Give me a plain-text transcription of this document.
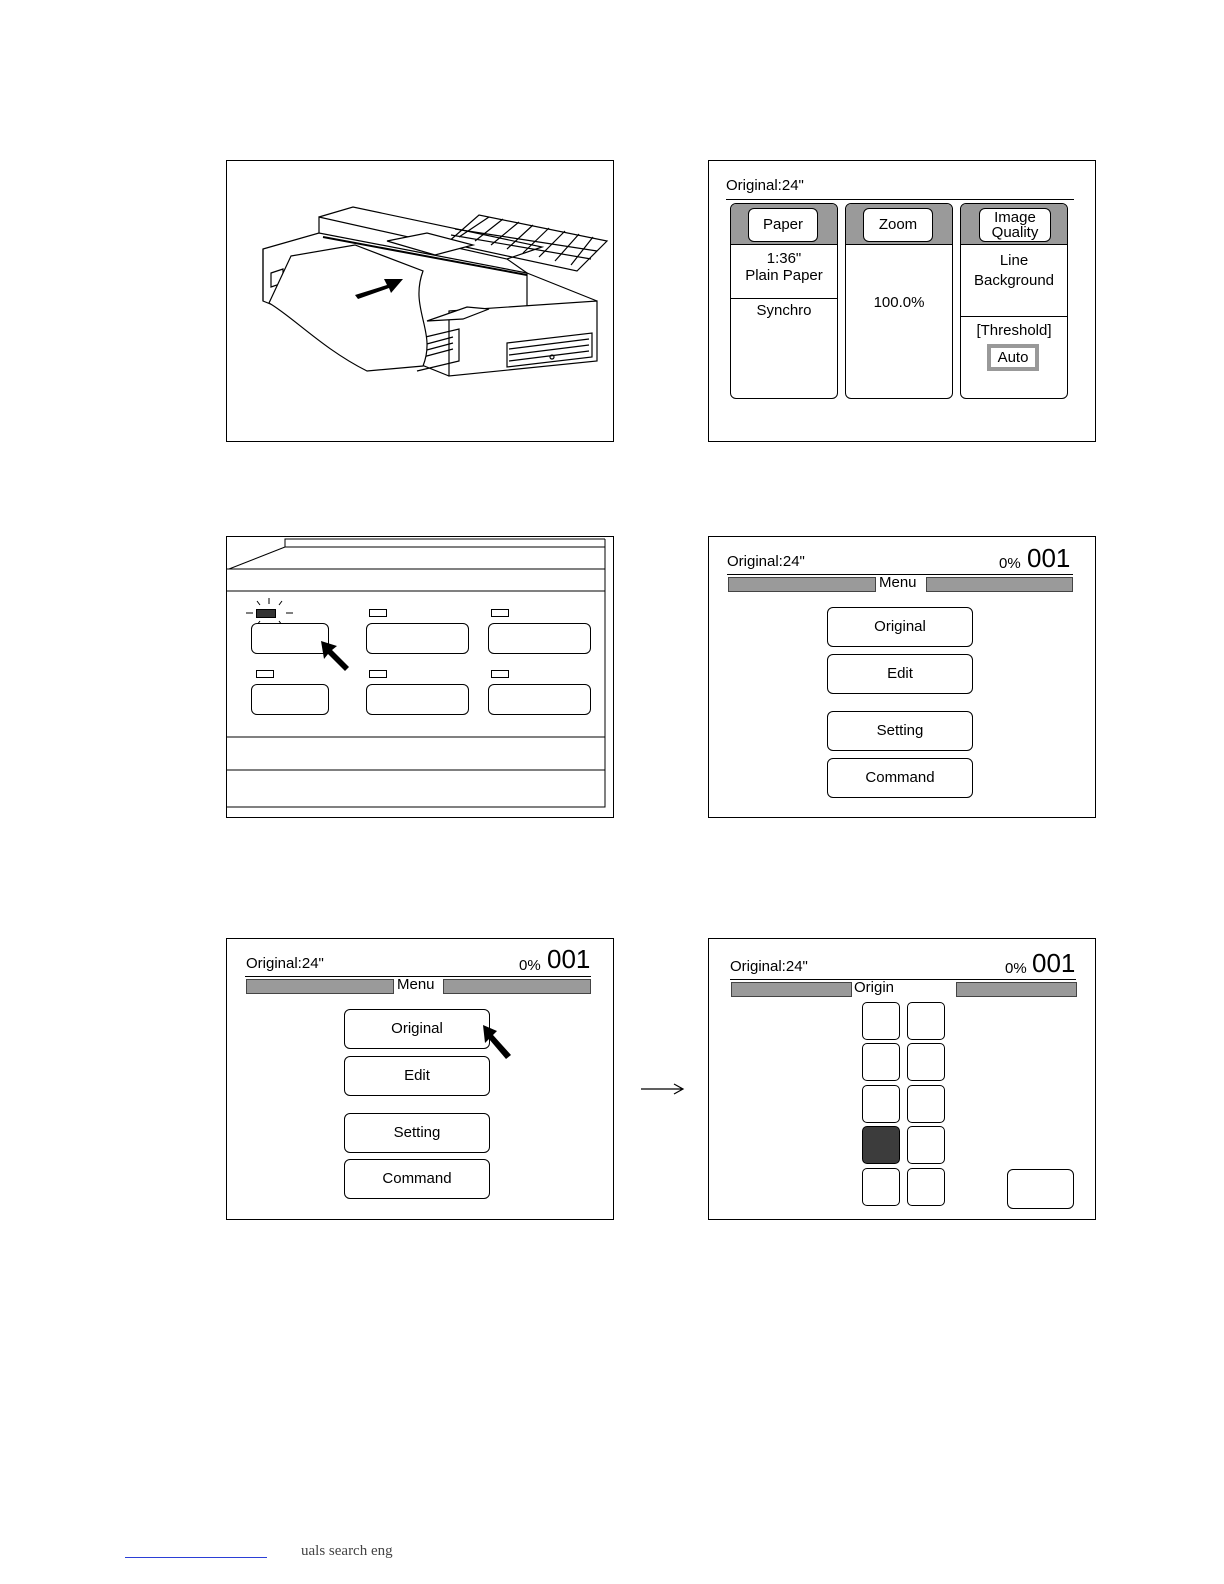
Original:24"
Paper
1:36"
Plain Paper
Synchro
Zoom
100.0%
Image
Quality
Line
Background
[Threshold]
Auto
Original:24"	0% 001
Menu
Original
Edit
Setting
Command
Original:24"	0% 001
Menu
Original
Edit
Setting
Command
Original:24"	0% 001
Origin
uals search eng
